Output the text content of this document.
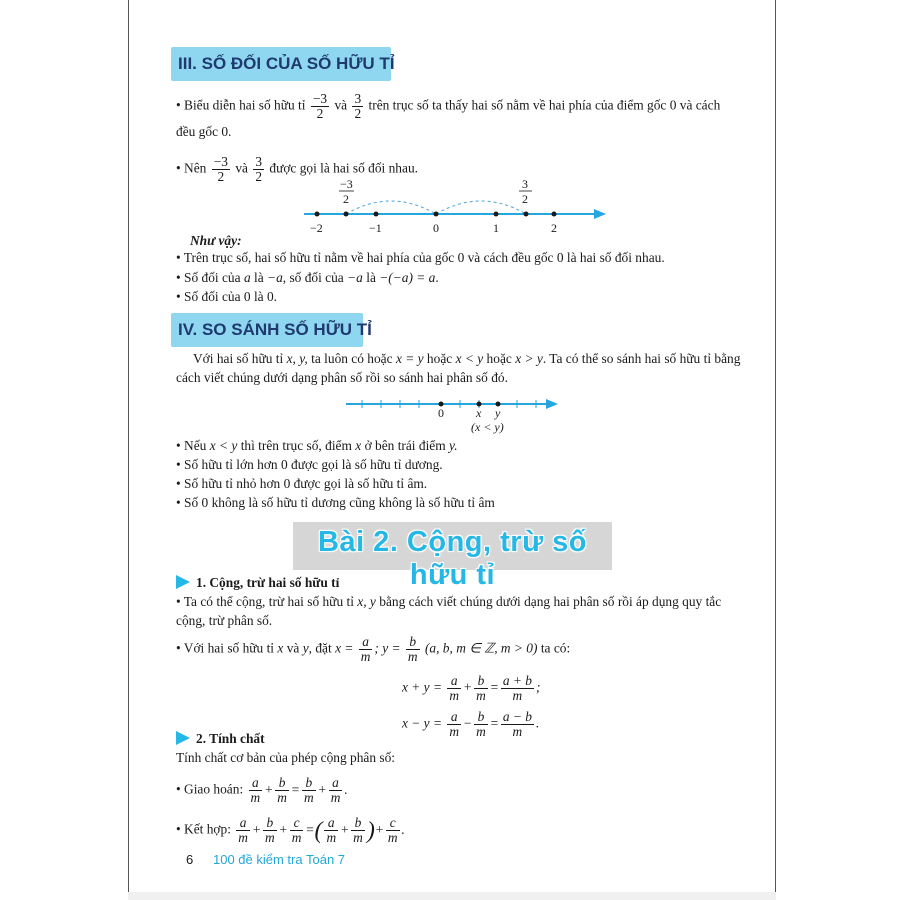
III. SỐ ĐỐI CỦA SỐ HỮU TỈ
• Biểu diễn hai số hữu tỉ $\frac{-3}{2}$ và $\frac{3}{2}$ trên trục số ta thấy hai số nằm về hai phía của điểm gốc 0 và cách
đều gốc 0.
• Nên $\frac{-3}{2}$ và $\frac{3}{2}$ được gọi là hai số đối nhau.
−2	−1	0	1	2
−3
2
3
2
Như vậy:
• Trên trục số, hai số hữu tỉ nằm về hai phía của gốc 0 và cách đều gốc 0 là hai số đối nhau.
• Số đối của a là −a, số đối của −a là −(−a) = a.
• Số đối của 0 là 0.
IV. SO SÁNH SỐ HỮU TỈ
Với hai số hữu tỉ x, y, ta luôn có hoặc x = y hoặc x < y hoặc x > y. Ta có thể so sánh hai số hữu tỉ bằng
cách viết chúng dưới dạng phân số rồi so sánh hai phân số đó.
0	x y
(x < y)
• Nếu x < y thì trên trục số, điểm x ở bên trái điểm y.
• Số hữu tỉ lớn hơn 0 được gọi là số hữu tỉ dương.
• Số hữu tỉ nhỏ hơn 0 được gọi là số hữu tỉ âm.
• Số 0 không là số hữu tỉ dương cũng không là số hữu tỉ âm
Bài 2. Cộng, trừ số hữu tỉ
1. Cộng, trừ hai số hữu tỉ
• Ta có thể cộng, trừ hai số hữu tỉ x, y bằng cách viết chúng dưới dạng hai phân số rồi áp dụng quy tắc
cộng, trừ phân số.
• Với hai số hữu tỉ x và y, đặt $x = \frac{a}{m}$ ; $y = \frac{b}{m} (a$, b, m ∈ ℤ, m > 0) ta có:
$x + y = \frac{a}{m} + \frac{b}{m} = \frac{a + b}{m}$ ;
$x - y = \frac{a}{m} - \frac{b}{m} = \frac{a - b}{m}$ .
2. Tính chất
Tính chất cơ bản của phép cộng phân số:
• Giao hoán: $\frac{a}{m} + \frac{b}{m} = \frac{b}{m} + \frac{a}{m}$ .
• Kết hợp: $\frac{a}{m} + \frac{b}{m} + \frac{c}{m}$ =( $\frac{a}{m} + \frac{b}{m}$ )+ $\frac{c}{m}$ .
6 100 đề kiểm tra Toán 7
